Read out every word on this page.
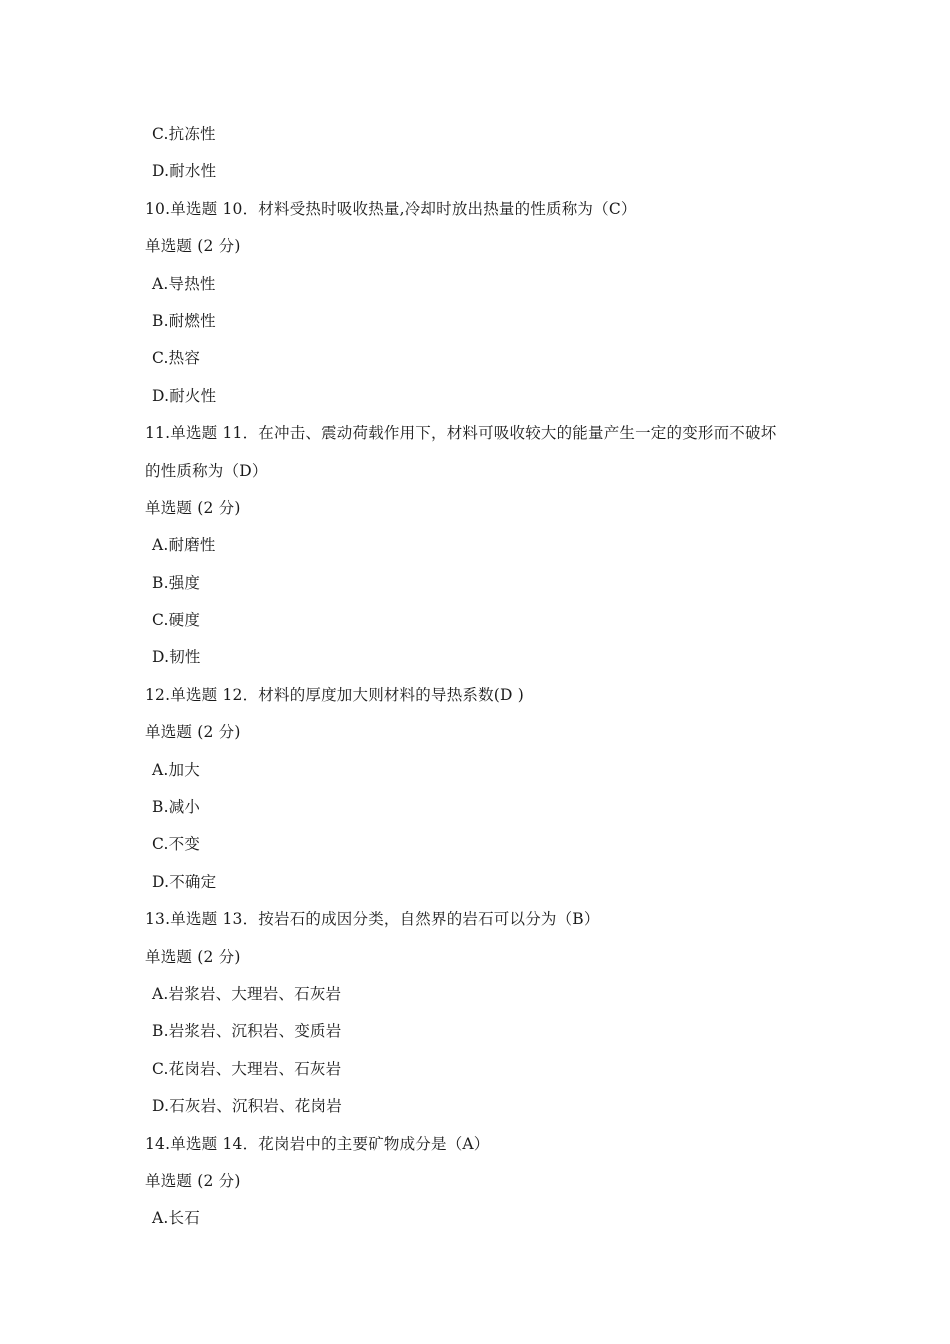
C.抗冻性
D.耐水性
10.单选题 10．材料受热时吸收热量,冷却时放出热量的性质称为（C）
单选题 (2 分)
A.导热性
B.耐燃性
C.热容
D.耐火性
11.单选题 11．在冲击、震动荷载作用下，材料可吸收较大的能量产生一定的变形而不破坏
的性质称为（D）
单选题 (2 分)
A.耐磨性
B.强度
C.硬度
D.韧性
12.单选题 12．材料的厚度加大则材料的导热系数(D )
单选题 (2 分)
A.加大
B.减小
C.不变
D.不确定
13.单选题 13．按岩石的成因分类，自然界的岩石可以分为（B）
单选题 (2 分)
A.岩浆岩、大理岩、石灰岩
B.岩浆岩、沉积岩、变质岩
C.花岗岩、大理岩、石灰岩
D.石灰岩、沉积岩、花岗岩
14.单选题 14．花岗岩中的主要矿物成分是（A）
单选题 (2 分)
A.长石
